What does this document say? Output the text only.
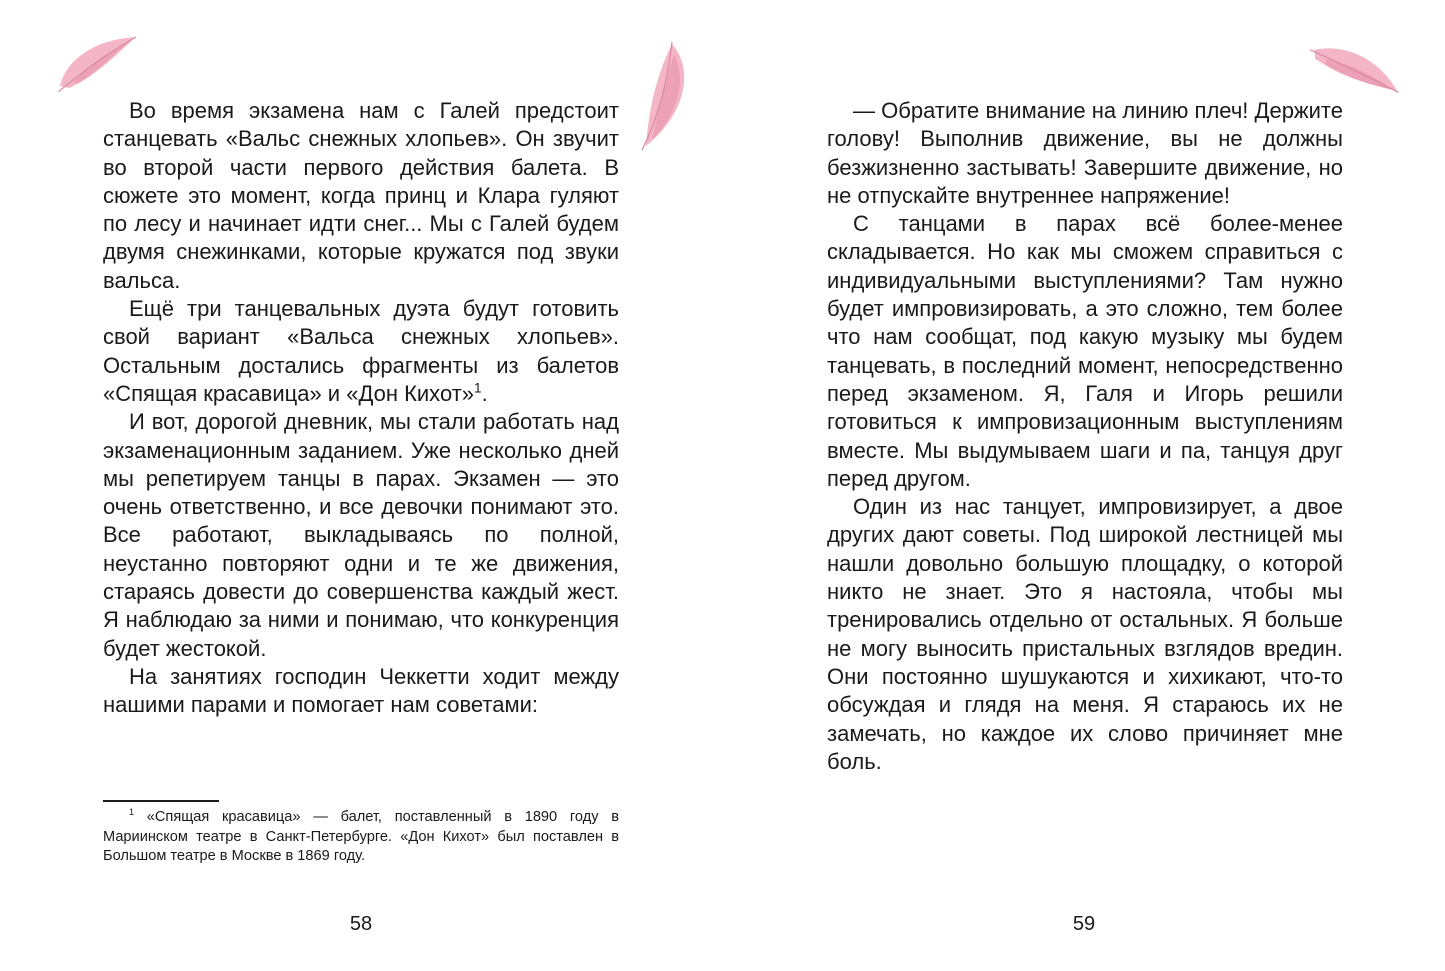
Во время экзамена нам с Галей предстоит станцевать «Вальс снежных хлопьев». Он звучит во второй части первого действия балета. В сюжете это момент, когда принц и Клара гуляют по лесу и начинает идти снег... Мы с Галей будем двумя снежинками, которые кружатся под звуки вальса.

Ещё три танцевальных дуэта будут готовить свой вариант «Вальса снежных хлопьев». Остальным достались фрагменты из балетов «Спящая красавица» и «Дон Кихот»$^1$.

И вот, дорогой дневник, мы стали работать над экзаменационным заданием. Уже несколько дней мы репетируем танцы в парах. Экзамен — это очень ответственно, и все девочки понимают это. Все работают, выкладываясь по полной, неустанно повторяют одни и те же движения, стараясь довести до совершенства каждый жест. Я наблюдаю за ними и понимаю, что конкуренция будет жестокой.

На занятиях господин Чеккетти ходит между нашими парами и помогает нам советами:

$^1$ «Спящая красавица» — балет, поставленный в 1890 году в Мариинском театре в Санкт-Петербурге. «Дон Кихот» был поставлен в Большом театре в Москве в 1869 году.

58

— Обратите внимание на линию плеч! Держите голову! Выполнив движение, вы не должны безжизненно застывать! Завершите движение, но не отпускайте внутреннее напряжение!

С танцами в парах всё более-менее складывается. Но как мы сможем справиться с индивидуальными выступлениями? Там нужно будет импровизировать, а это сложно, тем более что нам сообщат, под какую музыку мы будем танцевать, в последний момент, непосредственно перед экзаменом. Я, Галя и Игорь решили готовиться к импровизационным выступлениям вместе. Мы выдумываем шаги и па, танцуя друг перед другом.

Один из нас танцует, импровизирует, а двое других дают советы. Под широкой лестницей мы нашли довольно большую площадку, о которой никто не знает. Это я настояла, чтобы мы тренировались отдельно от остальных. Я больше не могу выносить пристальных взглядов вредин. Они постоянно шушукаются и хихикают, что-то обсуждая и глядя на меня. Я стараюсь их не замечать, но каждое их слово причиняет мне боль.

59
